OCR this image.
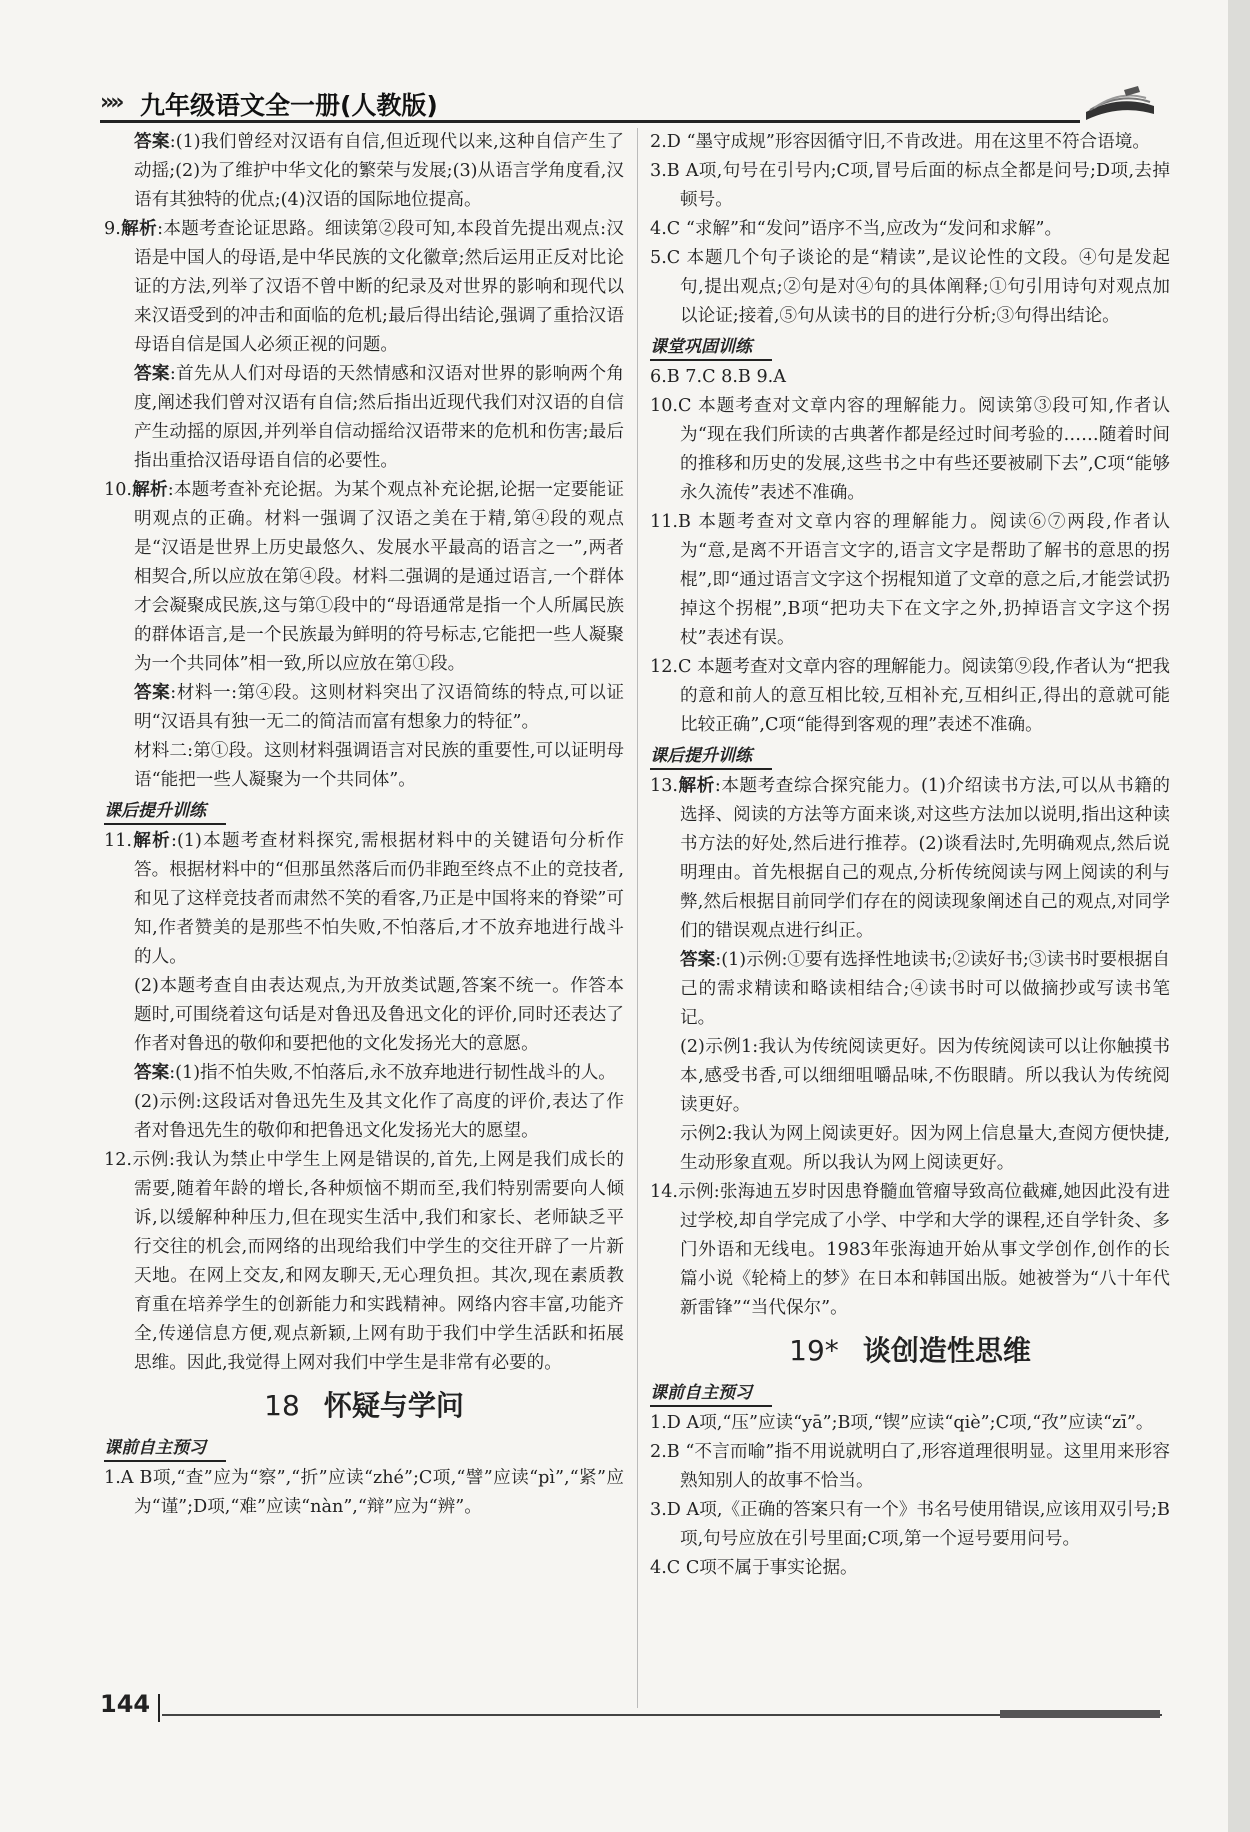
»» 九年级语文全一册(人教版)
答案:(1)我们曾经对汉语有自信,但近现代以来,这种自信产生了动摇;(2)为了维护中华文化的繁荣与发展;(3)从语言学角度看,汉语有其独特的优点;(4)汉语的国际地位提高。
9.解析:本题考查论证思路。细读第②段可知,本段首先提出观点:汉语是中国人的母语,是中华民族的文化徽章;然后运用正反对比论证的方法,列举了汉语不曾中断的纪录及对世界的影响和现代以来汉语受到的冲击和面临的危机;最后得出结论,强调了重拾汉语母语自信是国人必须正视的问题。
答案:首先从人们对母语的天然情感和汉语对世界的影响两个角度,阐述我们曾对汉语有自信;然后指出近现代我们对汉语的自信产生动摇的原因,并列举自信动摇给汉语带来的危机和伤害;最后指出重拾汉语母语自信的必要性。
10.解析:本题考查补充论据。为某个观点补充论据,论据一定要能证明观点的正确。材料一强调了汉语之美在于精,第④段的观点是“汉语是世界上历史最悠久、发展水平最高的语言之一”,两者相契合,所以应放在第④段。材料二强调的是通过语言,一个群体才会凝聚成民族,这与第①段中的“母语通常是指一个人所属民族的群体语言,是一个民族最为鲜明的符号标志,它能把一些人凝聚为一个共同体”相一致,所以应放在第①段。
答案:材料一:第④段。这则材料突出了汉语简练的特点,可以证明“汉语具有独一无二的简洁而富有想象力的特征”。
材料二:第①段。这则材料强调语言对民族的重要性,可以证明母语“能把一些人凝聚为一个共同体”。
课后提升训练
11.解析:(1)本题考查材料探究,需根据材料中的关键语句分析作答。根据材料中的“但那虽然落后而仍非跑至终点不止的竞技者,和见了这样竞技者而肃然不笑的看客,乃正是中国将来的脊梁”可知,作者赞美的是那些不怕失败,不怕落后,才不放弃地进行战斗的人。
(2)本题考查自由表达观点,为开放类试题,答案不统一。作答本题时,可围绕着这句话是对鲁迅及鲁迅文化的评价,同时还表达了作者对鲁迅的敬仰和要把他的文化发扬光大的意愿。
答案:(1)指不怕失败,不怕落后,永不放弃地进行韧性战斗的人。
(2)示例:这段话对鲁迅先生及其文化作了高度的评价,表达了作者对鲁迅先生的敬仰和把鲁迅文化发扬光大的愿望。
12.示例:我认为禁止中学生上网是错误的,首先,上网是我们成长的需要,随着年龄的增长,各种烦恼不期而至,我们特别需要向人倾诉,以缓解种种压力,但在现实生活中,我们和家长、老师缺乏平行交往的机会,而网络的出现给我们中学生的交往开辟了一片新天地。在网上交友,和网友聊天,无心理负担。其次,现在素质教育重在培养学生的创新能力和实践精神。网络内容丰富,功能齐全,传递信息方便,观点新颖,上网有助于我们中学生活跃和拓展思维。因此,我觉得上网对我们中学生是非常有必要的。
18 怀疑与学问
课前自主预习
1.A B项,“查”应为“察”,“折”应读“zhé”;C项,“譬”应读“pì”,“紧”应为“谨”;D项,“难”应读“nàn”,“辩”应为“辨”。
2.D “墨守成规”形容因循守旧,不肯改进。用在这里不符合语境。
3.B A项,句号在引号内;C项,冒号后面的标点全都是问号;D项,去掉顿号。
4.C “求解”和“发问”语序不当,应改为“发问和求解”。
5.C 本题几个句子谈论的是“精读”,是议论性的文段。④句是发起句,提出观点;②句是对④句的具体阐释;①句引用诗句对观点加以论证;接着,⑤句从读书的目的进行分析;③句得出结论。
课堂巩固训练
6.B 7.C 8.B 9.A
10.C 本题考查对文章内容的理解能力。阅读第③段可知,作者认为“现在我们所读的古典著作都是经过时间考验的……随着时间的推移和历史的发展,这些书之中有些还要被刷下去”,C项“能够永久流传”表述不准确。
11.B 本题考查对文章内容的理解能力。阅读⑥⑦两段,作者认为“意,是离不开语言文字的,语言文字是帮助了解书的意思的拐棍”,即“通过语言文字这个拐棍知道了文章的意之后,才能尝试扔掉这个拐棍”,B项“把功夫下在文字之外,扔掉语言文字这个拐杖”表述有误。
12.C 本题考查对文章内容的理解能力。阅读第⑨段,作者认为“把我的意和前人的意互相比较,互相补充,互相纠正,得出的意就可能比较正确”,C项“能得到客观的理”表述不准确。
课后提升训练
13.解析:本题考查综合探究能力。(1)介绍读书方法,可以从书籍的选择、阅读的方法等方面来谈,对这些方法加以说明,指出这种读书方法的好处,然后进行推荐。(2)谈看法时,先明确观点,然后说明理由。首先根据自己的观点,分析传统阅读与网上阅读的利与弊,然后根据目前同学们存在的阅读现象阐述自己的观点,对同学们的错误观点进行纠正。
答案:(1)示例:①要有选择性地读书;②读好书;③读书时要根据自己的需求精读和略读相结合;④读书时可以做摘抄或写读书笔记。
(2)示例1:我认为传统阅读更好。因为传统阅读可以让你触摸书本,感受书香,可以细细咀嚼品味,不伤眼睛。所以我认为传统阅读更好。
示例2:我认为网上阅读更好。因为网上信息量大,查阅方便快捷,生动形象直观。所以我认为网上阅读更好。
14.示例:张海迪五岁时因患脊髓血管瘤导致高位截瘫,她因此没有进过学校,却自学完成了小学、中学和大学的课程,还自学针灸、多门外语和无线电。1983年张海迪开始从事文学创作,创作的长篇小说《轮椅上的梦》在日本和韩国出版。她被誉为“八十年代新雷锋”“当代保尔”。
19* 谈创造性思维
课前自主预习
1.D A项,“压”应读“yā”;B项,“锲”应读“qiè”;C项,“孜”应读“zī”。
2.B “不言而喻”指不用说就明白了,形容道理很明显。这里用来形容熟知别人的故事不恰当。
3.D A项,《正确的答案只有一个》书名号使用错误,应该用双引号;B项,句号应放在引号里面;C项,第一个逗号要用问号。
4.C C项不属于事实论据。
144
